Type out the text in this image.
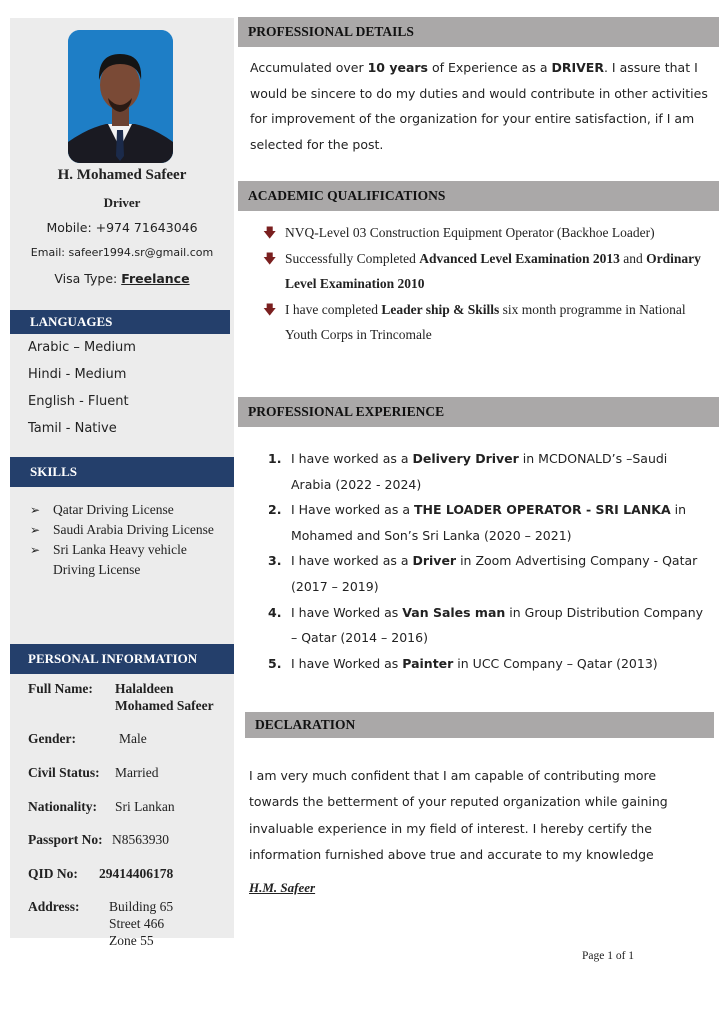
H. Mohamed Safeer
Driver
Mobile: +974 71643046
Email: safeer1994.sr@gmail.com
Visa Type: Freelance
LANGUAGES
Arabic – Medium
Hindi - Medium
English - Fluent
Tamil - Native
SKILLS
➢ Qatar Driving License
➢ Saudi Arabia Driving License
➢ Sri Lanka Heavy vehicle Driving License
PERSONAL INFORMATION
Full Name: Halaldeen
Mohamed Safeer
Gender:	Male
Civil Status: Married
Nationality: Sri Lankan
Passport No: N8563930
QID No: 29414406178
Address: Building 65
Street 466
Zone 55
PROFESSIONAL DETAILS
Accumulated over 10 years of Experience as a DRIVER. I assure that I would be sincere to do my duties and would contribute in other activities for improvement of the organization for your entire satisfaction, if I am selected for the post.
ACADEMIC QUALIFICATIONS
🡇 NVQ-Level 03 Construction Equipment Operator (Backhoe Loader)
🡇 Successfully Completed Advanced Level Examination 2013 and Ordinary Level Examination 2010
🡇 I have completed Leader ship & Skills six month programme in National Youth Corps in Trincomale
PROFESSIONAL EXPERIENCE
1. I have worked as a Delivery Driver in MCDONALD’s –Saudi Arabia (2022 - 2024)
2. I Have worked as a THE LOADER OPERATOR - SRI LANKA in Mohamed and Son’s Sri Lanka (2020 – 2021)
3. I have worked as a Driver in Zoom Advertising Company - Qatar (2017 – 2019)
4. I have Worked as Van Sales man in Group Distribution Company – Qatar (2014 – 2016)
5. I have Worked as Painter in UCC Company – Qatar (2013)
DECLARATION
I am very much confident that I am capable of contributing more towards the betterment of your reputed organization while gaining invaluable experience in my field of interest. I hereby certify the information furnished above true and accurate to my knowledge
H.M. Safeer
Page 1 of 1
